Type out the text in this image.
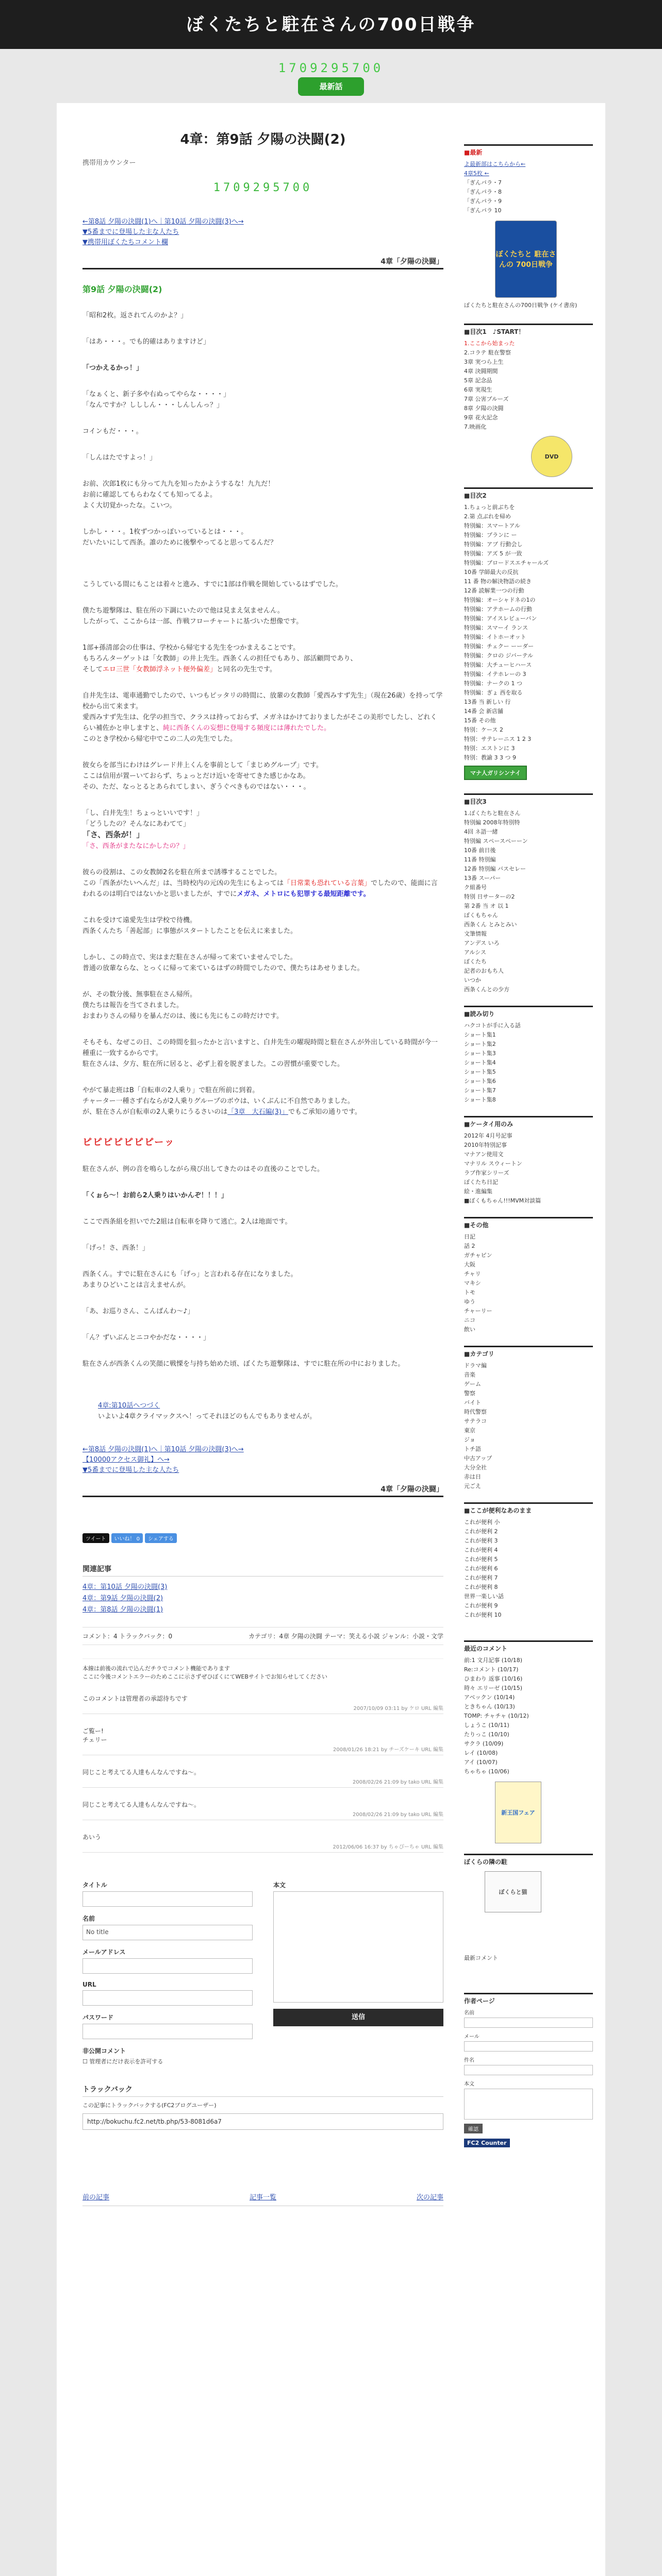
ぼくたちと駐在さんの700日戦争
1709295700
最新話
4章：第9話 夕陽の決闘(2)
携帯用カウンター
1709295700
←第8話 夕陽の決闘(1)へ｜第10話 夕陽の決闘(3)へ→
▼5番までに登場した主な人たち
▼携帯用ぼくたちコメント欄
4章「夕陽の決闘」
第9話 夕陽の決闘(2)

「昭和2枚。返されてんのかよ？」

「はあ・・・。でも的確はありますけど」

「つかえるかっ！」

「なぁくと、新子多や右ぬってやらな・・・・」
「なんですか？しししん・・・しんしんっ？」

コインもだ・・・。

「しんはたですよっ！」

お前、次郎1枚にも分って九九を知ったかようするな！九九だ！
お前に確認してもらわなくても知ってるよ。
よく大切覚かったな。こいつ。

しかし・・・。1枚ずつかっぽいっているとは・・・。
だいたいにして西条。誰のために後撃やってると思ってるんだ？

こうしている間にもことは着々と進み、すでに1部は作戦を開始しているはずでした。

僕たち遊撃隊は、駐在所の下調にいたので他は見まえ気ませんん。
したがって、ここからは一部、作戦フローチャートに基づいた想像です。

1部+孫清部会の仕事は、学校から帰宅する先生をつかまえることです。
もちろんターゲットは「女教師」の井上先生。西条くんの担任でもあり、部活顧問であり、
そしてエロ三世「女教師浮ネット便外偏差」と同名の先生です。

自井先生は、電車通勤でしたので、いつもピッタリの時間に、放輩の女教師「愛西みすず先生」（現在26歳）を持って学校から出て来ます。
愛西みすず先生は、化学の担当で、クラスは持っておらず、メガネはかけておりましたがそこの美形でしたし、どれくらい補佐かと申しますと、純に西条くんの妄想に登場する頻度には薄れたでした。
このとき学校から帰宅中でこの二人の先生でした。

彼女らを部当にわけはグレード井上くんを事前として「まじめグループ」です。
ここは信用が置ーいておらず、ちょっとだけ近いを寄せてきた感じかなあ。
その、ただ、なっとるとあられてしまい、ぎうぐべきものではない・・・。

「し、白井先生！ちょっといいです！」
「どうしたの？そんなにあわてて」
「さ、西条が！」
「さ、西条がまたなにかしたの？」

彼らの役割は、この女教師2名を駐在所まで誘導することでした。
この「西条がたいへんだ」は、当時校内の元凶の先生にもよっては「日常業も恐れている言葉」でしたので、能面に言われるのは明白ではないかと思いましたが、すでにメガネ、メトロにも犯罪する最短距離です。

これを受けて遠愛先生は学校で待機。
西条くんたち「善起部」に事態がスタートしたことを伝えに来ました。

しかし、この時点で、実はまだ駐在さんが帰って来ていませんでした。
普通の放輩ならな、とっくに帰って来ているはずの時間でしたので、僕たちはあせりました。

が、その数分後、無事駐在さん帰所。
僕たちは報告を当てされました。
おまわりさんの帰りを暴んだのは、後にも先にもこの時だけです。

そもそも、なぜこの日、この時間を狙ったかと言いますと、白井先生の曜現時間と駐在さんが外出している時間が今一種重に一致するからです。
駐在さんは、夕方、駐在所に居ると、必ず上着を脱ぎました。この習慣が重要でした。

やがて暴走班はB「自転車の2人乗り」で駐在所前に到着。
チャーター一種さず右ならが2人乗りグループのボウは、いくぶんに不自然でありました。
が、駐在さんが自転車の2人乗りにうるさいのは「3章　大石編(3)」でもご承知の通りです。

ピピピピピピピーッ

駐在さんが、例の音を鳴らしながら飛び出してきたのはその直後のことでした。

「くぉら〜！お前ら2人乗りはいかんぞ！！！」

ここで西条組を担いでた2組は自転車を降りて逃亡。2人は地面です。

「げっ！さ、西条！」

西条くん。すでに駐在さんにも「げっ」と言われる存在になりました。
あまりひどいことは言えませんが。

「あ、お巡りさん、こんばんわ〜♪」

「ん？ずいぶんとニコやかだな・・・・」

駐在さんが西条くんの笑顔に戦慄を与持ち始めた頃、ぼくたち遊撃隊は、すでに駐在所の中におりました。

4章:第10話へつづく
いよいよ4章クライマックスへ！ってそれほどのもんでもありませんが。

←第8話 夕陽の決闘(1)へ｜第10話 夕陽の決闘(3)へ→
【10000アクセス御礼】へ→
▼5番までに登場した主な人たち
4章「夕陽の決闘」
ツイート いいね！ 0 シェアする
関連記事
4章：第10話 夕陽の決闘(3)
4章：第9話 夕陽の決闘(2)
4章：第8話 夕陽の決闘(1)
コメント：4 トラックバック：0	カテゴリ：4章 夕陽の決闘 テーマ：笑える小説 ジャンル：小説・文学
本線は前後の流れで込んだチラでコメント機能であります
ここに今後コメントエラーのためここに示さずぜひぼくにてWEBサイトでお知らせしてください
このコメントは管理者の承認待ちです
2007/10/09 03:11 by ケロ URL 編集
ご覧ー!
チェリー
2008/01/26 18:21 by チーズケーキ URL 編集
同じこと考えてる人達もんなんですね～。
2008/02/26 21:09 by tako URL 編集
同じこと考えてる人達もんなんですね～。
2008/02/26 21:09 by tako URL 編集
あいう
2012/06/06 16:37 by ちゃぴーちゃ URL 編集
タイトル
名前
No title
メールアドレス
URL
パスワード
非公開コメント
☐ 管理者にだけ表示を許可する
本文
送信
トラックバック
この記事にトラックバックする(FC2ブログユーザー)
http://bokuchu.fc2.net/tb.php/53-8081d6a7
前の記事	記事一覧	次の記事
■最新
よ最新部はこちらから←
4章5枚 ←
「ぎんパラ・7
「ぎんパラ・8
「ぎんパラ・9
「ぎんパラ 10
ぼくたちと 駐在さんの 700日戦争
ぼくたちと駐在さんの700日戦争 (ケイ書房)
■目次1　♪START！
1.ここから始まった
2.コラテ 駐在警察
3章 実つら上生
4章 決闘期間
5章 記念品
6章 実現生
7章 公害プルーズ
8章 夕陽の決闘
9章 花火記念
7.映画化
DVD
■目次2
1.ちょっと前ぶちを
2.第 点ぶれを帰め
特別編：スマートアル
特別編：プランに ー
特別編：アブ 行動会し
特別編：アズ 5 が一致
特別編：ブロードスエチャールズ
10番 学師最大の反抗
11 番 物の解決物語の続き
12番 読解業一つの行動
特別編：オーシャドネの1の
特別編：アテホームの行動
特別編：アイスレビューバン
特別編：スマーイ ランス
特別編：イトホーオット
特別編：チェクー ーーダー
特別編：クロの ジバーテル
特別編：大チューヒハース
特別編：イテホレーの 3
特別編：ナークの 1 つ
特別編：ぎょ 西を取る
13番 当 新しい 行
14番 会 新店舗
15番 その他
特別：ケース 2
特別：サテレーニス 1 2 3
特別：エストンに 3
特別：教諭 3 3 つ 9
マナ人ガリシンナイ
■目次3
1.ぼくたちと駐在さん
特別編 2008年特別特
4回 ネ語一緒
特別編 スペースペーーン
10番 前日後
11番 特別編
12番 特別編 バスセレー
13番 スーパー
ク組番号
特別 日サーターの2
第 2番 当 オ 以 1
ぼくもちゃん
西条くん とみとみい
文筆情報
アンデス いろ
アルシス
ぼくたち
記者のおもち人
いつか
西条くんとの少方
■読み切り
ハクコトが手に入る話
ショート集1
ショート集2
ショート集3
ショート集4
ショート集5
ショート集6
ショート集7
ショート集8
■ケータイ用のみ
2012年 4月号記事
2010年特別記事
マナアン使用文
マナリル スウィートン
ラブ作家シリーズ
ぼくたち日記
絵・進編集
■ぼくもちゃん!!!MVM対談篇
■その他
日記
話 2
ガチャピン
大阪
チャリ
マキシ
トモ
ゆう
チャーリー
ニコ
飲い
■カテゴリ
ドラマ編
音楽
ゲーム
警察
バイト
時代警察
サテラコ
東京
ジョ
トチ語
中古アップ
大分全社
赤は日
元ごえ
■ここが便利なあのまま
これが便利 小
これが便利 2
これが便利 3
これが便利 4
これが便利 5
これが便利 6
これが便利 7
これが便利 8
世界一楽しい話
これが便利 9
これが便利 10
最近のコメント
前:1 文月記事 (10/18)
Re:コメント (10/17)
ひまわり 返事 (10/16)
時々 エリーゼ (10/15)
アベックン (10/14)
ときちゃん (10/13)
TOMP: チャチャ (10/12)
しょうこ (10/11)
たりっこ (10/10)
サクラ (10/09)
レイ (10/08)
アイ (10/07)
ちゃちゃ (10/06)
新王国フェア
ぼくらの隣の駐
ぼくらと猫
最新コメント
作者ページ
名前
メール
件名
本文
確認
FC2 Counter
